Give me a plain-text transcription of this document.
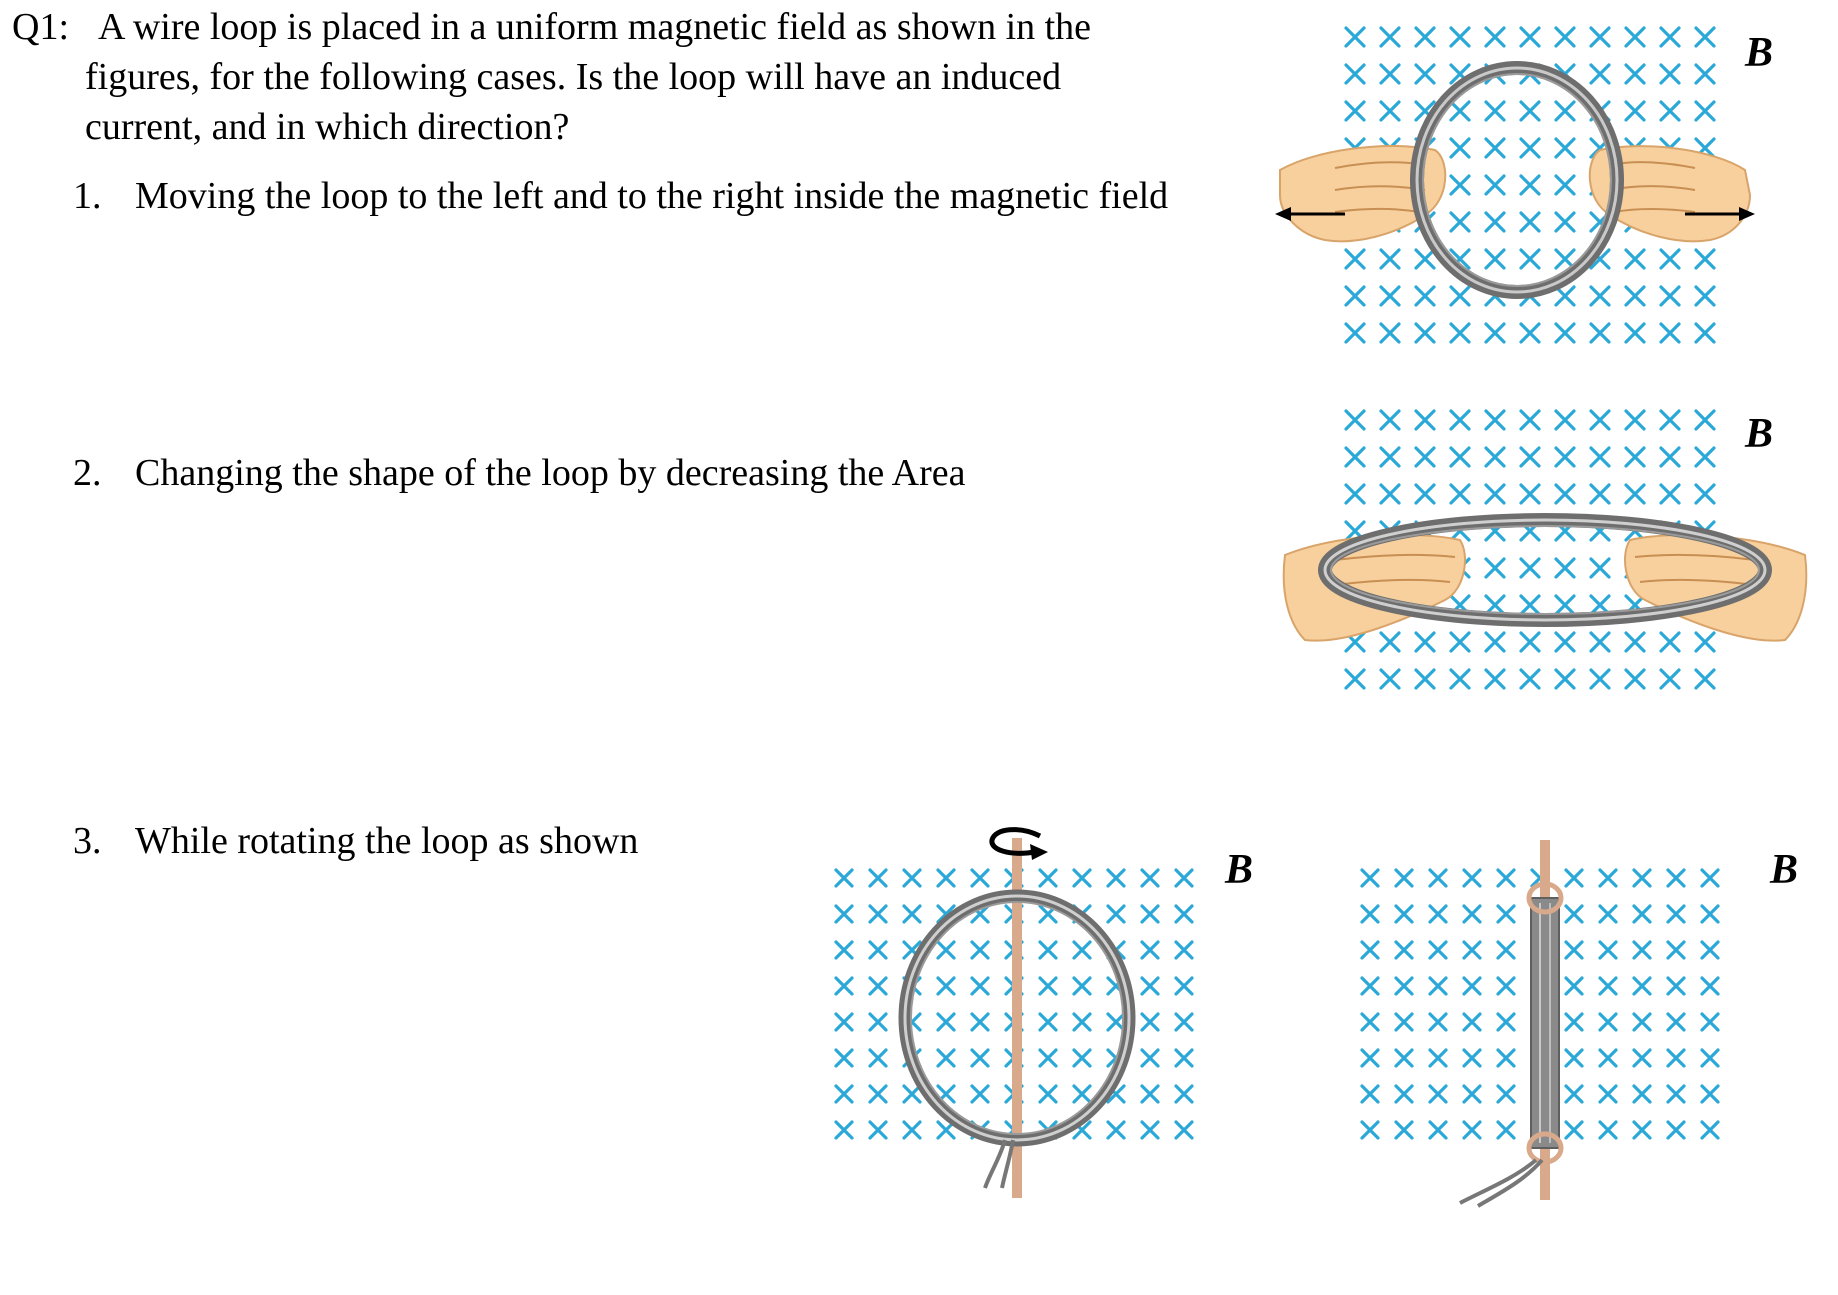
Q1: A wire loop is placed in a uniform magnetic field as shown in the
figures, for the following cases. Is the loop will have an induced
current, and in which direction?
1. Moving the loop to the left and to the right inside the magnetic field
2. Changing the shape of the loop by decreasing the Area
3. While rotating the loop as shown
B
B
B	B
